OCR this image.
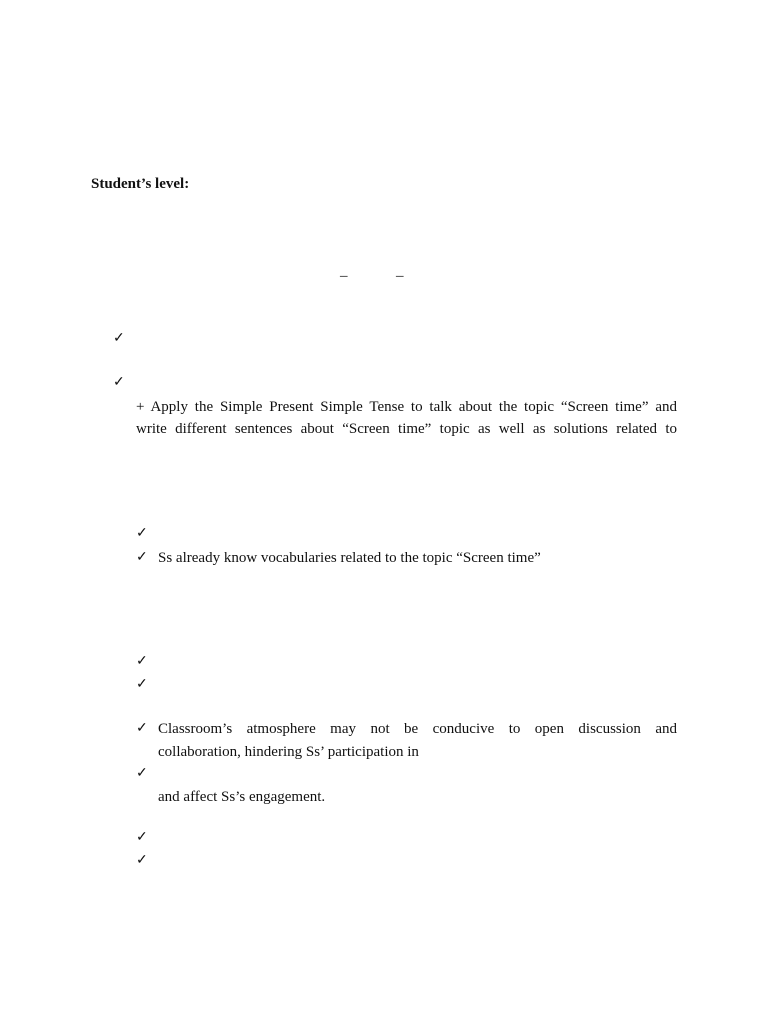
Student’s level:
–	–
✓
✓
+ Apply the Simple Present Simple Tense to talk about the topic “Screen time” and
write different sentences about “Screen time” topic as well as solutions related to
✓
✓ Ss already know vocabularies related to the topic “Screen time”
✓
✓
✓ Classroom’s atmosphere may not be conducive to open discussion and
collaboration, hindering Ss’ participation in
✓
and affect Ss’s engagement.
✓
✓
